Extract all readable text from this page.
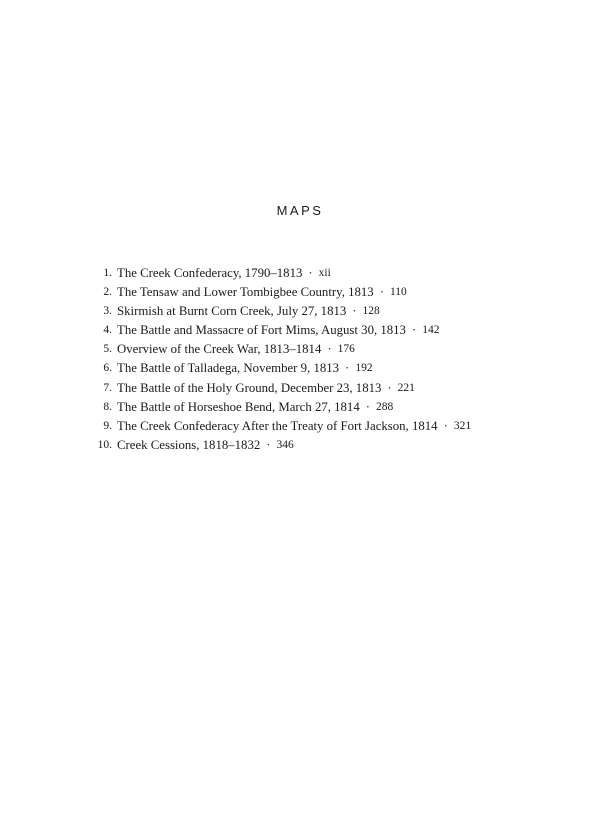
MAPS
1. The Creek Confederacy, 1790–1813 · xii
2. The Tensaw and Lower Tombigbee Country, 1813 · 110
3. Skirmish at Burnt Corn Creek, July 27, 1813 · 128
4. The Battle and Massacre of Fort Mims, August 30, 1813 · 142
5. Overview of the Creek War, 1813–1814 · 176
6. The Battle of Talladega, November 9, 1813 · 192
7. The Battle of the Holy Ground, December 23, 1813 · 221
8. The Battle of Horseshoe Bend, March 27, 1814 · 288
9. The Creek Confederacy After the Treaty of Fort Jackson, 1814 · 321
10. Creek Cessions, 1818–1832 · 346
